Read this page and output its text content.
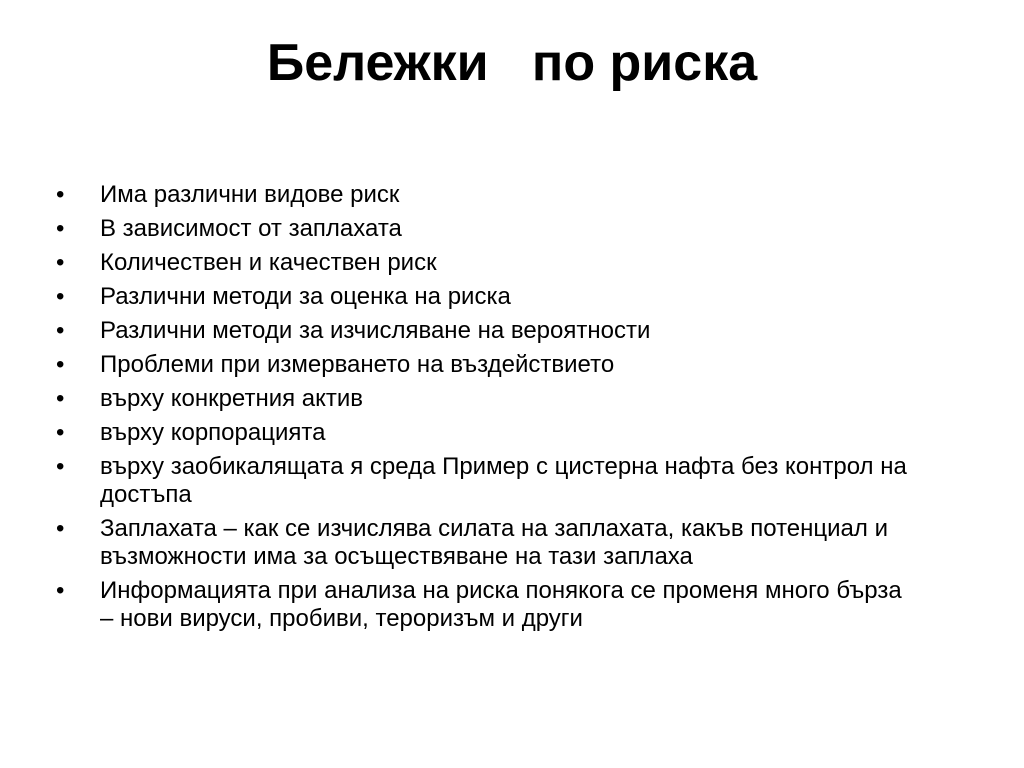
Бележки   по риска
• Има различни видове риск
• В зависимост от заплахата
• Количествен и качествен риск
• Различни методи за оценка на риска
• Различни методи за изчисляване на вероятности
• Проблеми при измерването на въздействието
• върху конкретния актив
• върху корпорацията
• върху заобикалящата я среда Пример с цистерна нафта без контрол на достъпа
• Заплахата – как се изчислява силата на заплахата, какъв потенциал и възможности има за осъществяване на тази заплаха
• Информацията при анализа на риска понякога се променя много бърза – нови вируси, пробиви, тероризъм и други
